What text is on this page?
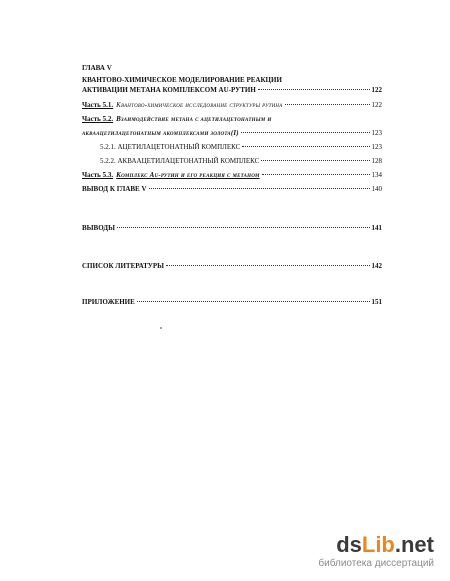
ГЛАВА V
КВАНТОВО-ХИМИЧЕСКОЕ МОДЕЛИРОВАНИЕ РЕАКЦИИ
АКТИВАЦИИ МЕТАНА КОМПЛЕКСОМ AU-РУТИН	122
Часть 5.1. Квантово-химическое исследование структуры рутина	122
Часть 5.2. Взаимодействие метана с ацетилацетонатным и
аквaацетилацетонатным акомплексами золота(I)	123
5.2.1. АЦЕТИЛАЦЕТОНАТНЫЙ КОМПЛЕКС	123
5.2.2. АКВААЦЕТИЛАЦЕТОНАТНЫЙ КОМПЛЕКС	128
Часть 5.3. Комплекс Au-рутин и его реакция с метаном	134
ВЫВОД К ГЛАВЕ V	140
ВЫВОДЫ	141
СПИСОК ЛИТЕРАТУРЫ	142
ПРИЛОЖЕНИЕ	151
dsLib.net
библиотека диссертаций
